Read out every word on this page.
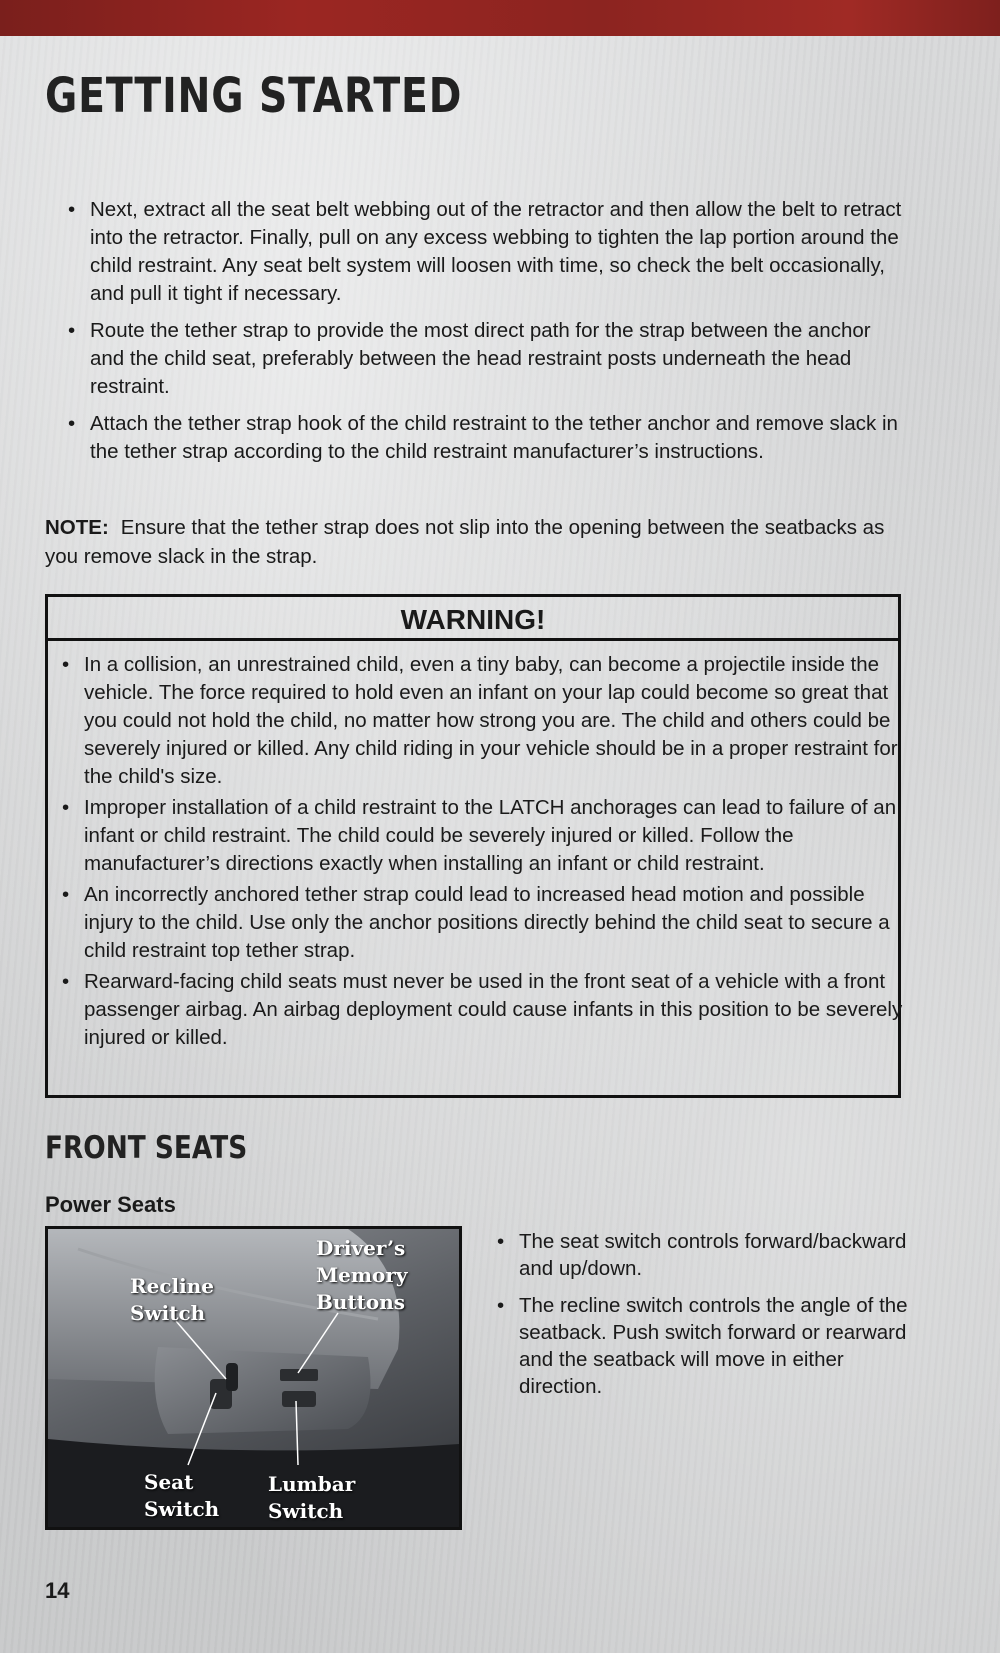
GETTING STARTED
• Next, extract all the seat belt webbing out of the retractor and then allow the belt to retract into the retractor. Finally, pull on any excess webbing to tighten the lap portion around the child restraint. Any seat belt system will loosen with time, so check the belt occasionally, and pull it tight if necessary.
• Route the tether strap to provide the most direct path for the strap between the anchor and the child seat, preferably between the head restraint posts underneath the head restraint.
• Attach the tether strap hook of the child restraint to the tether anchor and remove slack in the tether strap according to the child restraint manufacturer’s instructions.

NOTE: Ensure that the tether strap does not slip into the opening between the seatbacks as you remove slack in the strap.

WARNING!
• In a collision, an unrestrained child, even a tiny baby, can become a projectile inside the vehicle. The force required to hold even an infant on your lap could become so great that you could not hold the child, no matter how strong you are. The child and others could be severely injured or killed. Any child riding in your vehicle should be in a proper restraint for the child's size.
• Improper installation of a child restraint to the LATCH anchorages can lead to failure of an infant or child restraint. The child could be severely injured or killed. Follow the manufacturer’s directions exactly when installing an infant or child restraint.
• An incorrectly anchored tether strap could lead to increased head motion and possible injury to the child. Use only the anchor positions directly behind the child seat to secure a child restraint top tether strap.
• Rearward-facing child seats must never be used in the front seat of a vehicle with a front passenger airbag. An airbag deployment could cause infants in this position to be severely injured or killed.
FRONT SEATS
Power Seats
Recline
Switch
Driver’s
Memory
Buttons
Seat
Switch
Lumbar
Switch
• The seat switch controls forward/backward and up/down.
• The recline switch controls the angle of the seatback. Push switch forward or rearward and the seatback will move in either direction.

14
